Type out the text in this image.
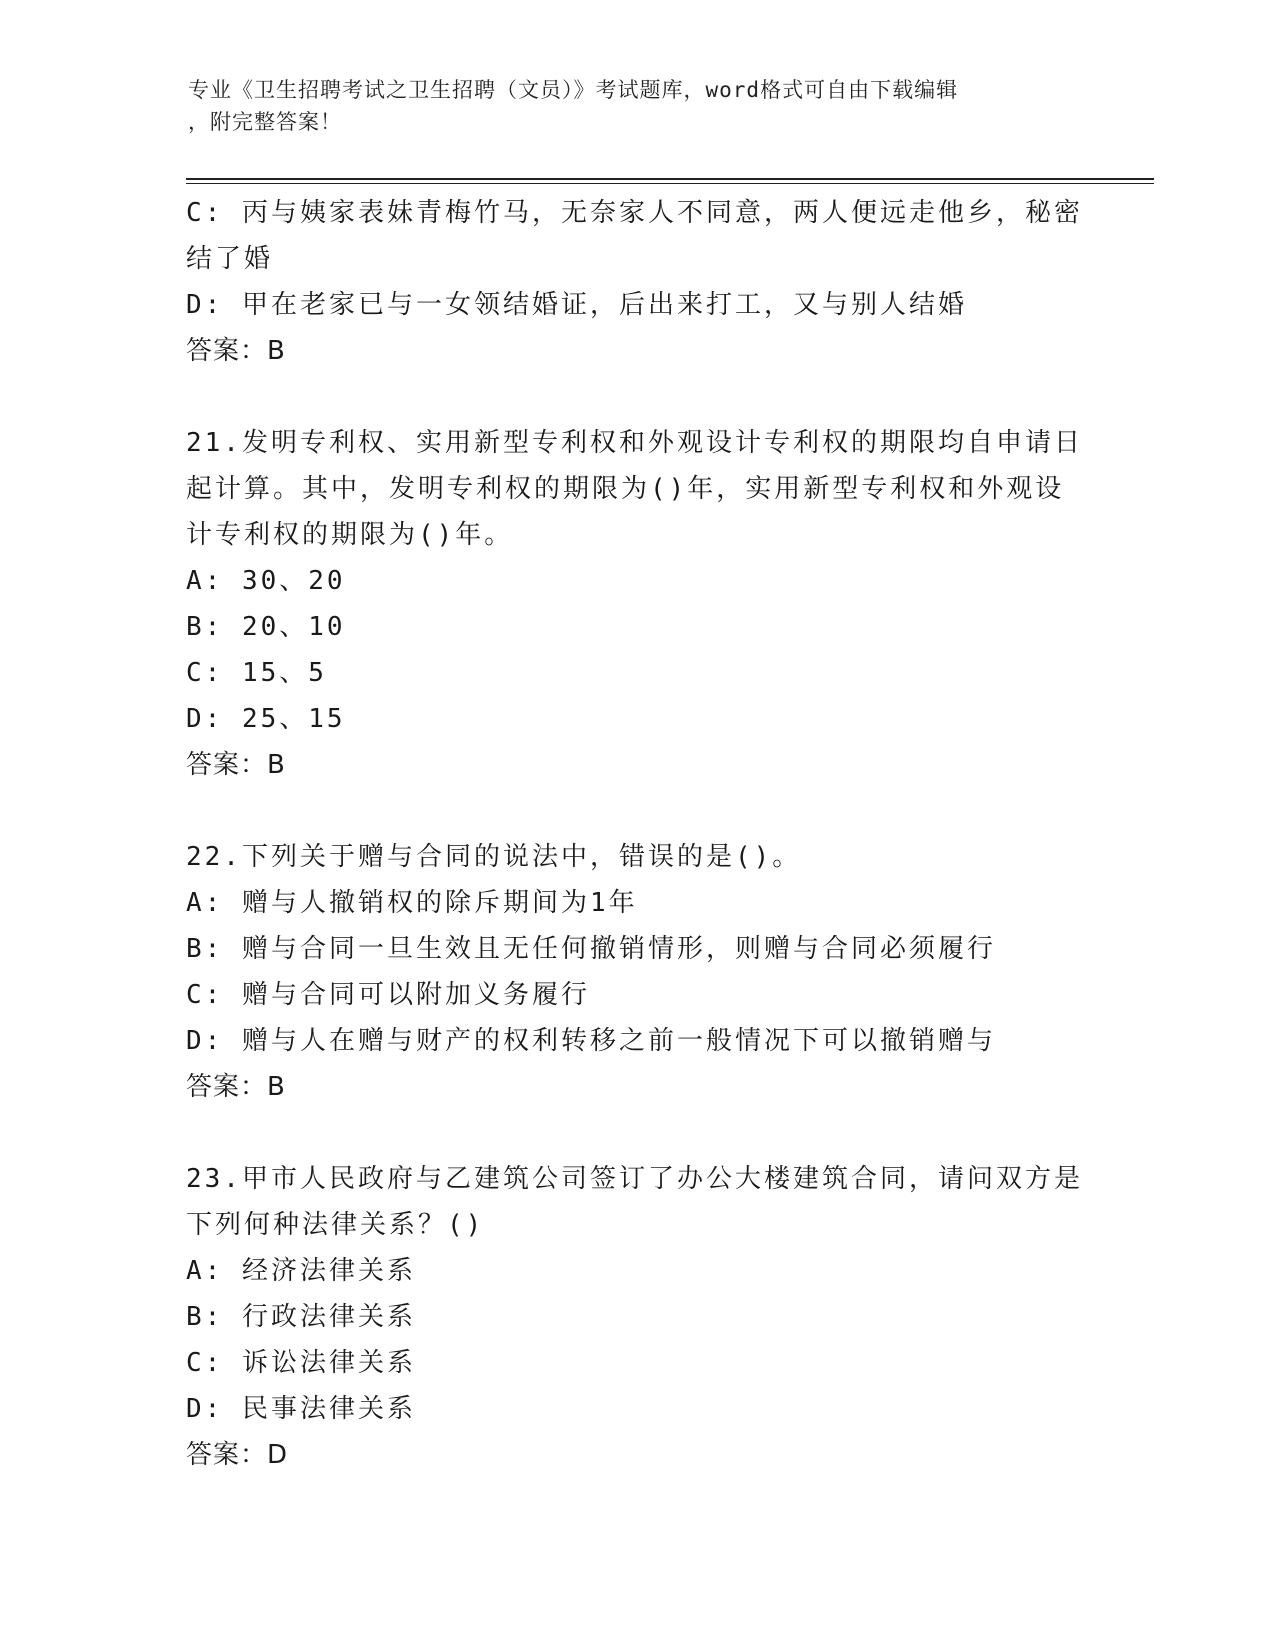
专业《卫生招聘考试之卫生招聘（文员）》考试题库，word格式可自由下载编辑
，附完整答案！

C: 丙与姨家表妹青梅竹马，无奈家人不同意，两人便远走他乡，秘密

结了婚

D: 甲在老家已与一女领结婚证，后出来打工，又与别人结婚

答案：B

21.发明专利权、实用新型专利权和外观设计专利权的期限均自申请日

起计算。其中，发明专利权的期限为()年，实用新型专利权和外观设

计专利权的期限为()年。

A: 30、20

B: 20、10

C: 15、5

D: 25、15

答案：B

22.下列关于赠与合同的说法中，错误的是()。

A: 赠与人撤销权的除斥期间为1年

B: 赠与合同一旦生效且无任何撤销情形，则赠与合同必须履行

C: 赠与合同可以附加义务履行

D: 赠与人在赠与财产的权利转移之前一般情况下可以撤销赠与

答案：B

23.甲市人民政府与乙建筑公司签订了办公大楼建筑合同，请问双方是

下列何种法律关系？()

A: 经济法律关系

B: 行政法律关系

C: 诉讼法律关系

D: 民事法律关系

答案：D
